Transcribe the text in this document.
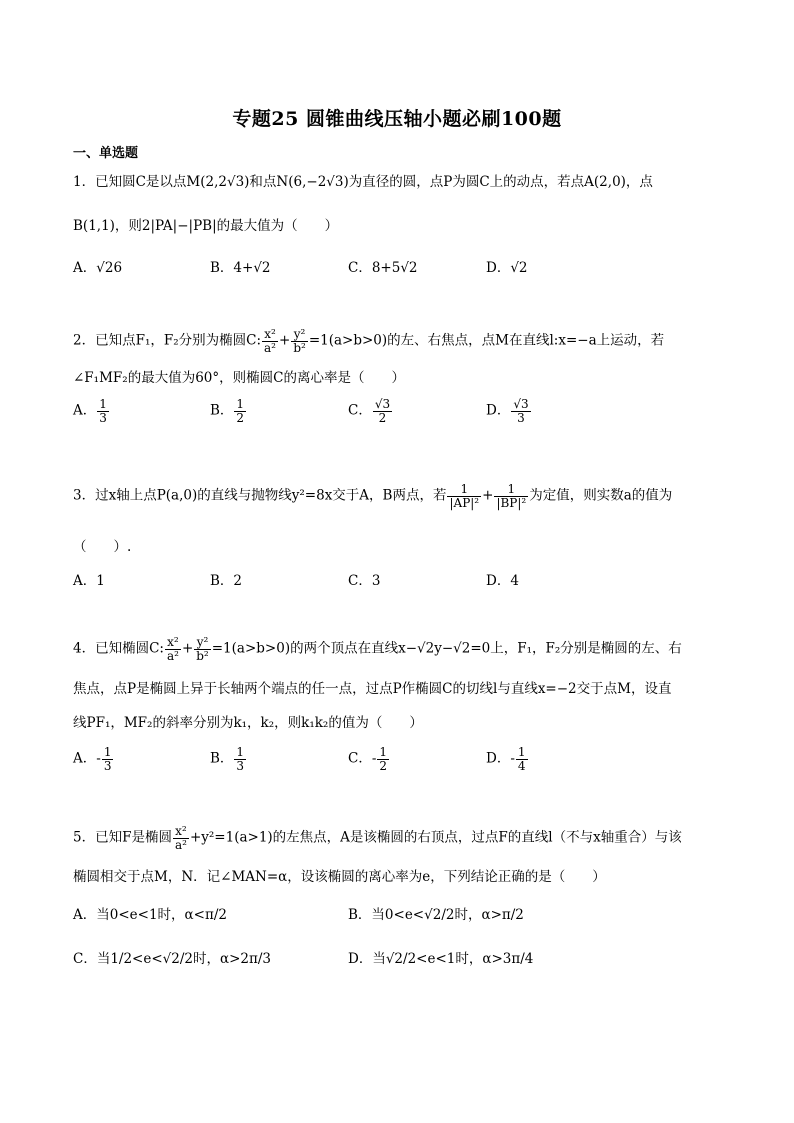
专题25 圆锥曲线压轴小题必刷100题
一、单选题
1．已知圆C是以点M(2,2√3)和点N(6,−2√3)为直径的圆，点P为圆C上的动点，若点A(2,0)，点
B(1,1)，则2|PA|−|PB|的最大值为（　　）
A．√26	B．4+√2	C．8+5√2	D．√2
2．已知点F₁，F₂分别为椭圆C: $\frac{\text{x²}}{\text{a²}} + \frac{\text{y²}}{\text{b²}} =1(a>b>0)$的左、右焦点，点M在直线l:x=−a上运动，若
∠F₁MF₂的最大值为60°，则椭圆C的离心率是（　　）
A． $\frac{1}{3}$	B． $\frac{1}{2}$	C． $\frac{√3}{2}$	D． $\frac{√3}{3}$
3．过x轴上点P(a,0)的直线与抛物线y²=8x交于A，B两点，若 $\frac{1}{\text{|AP|²}} + \frac{1}{\text{|BP|²}}$ 为定值，则实数a的值为
（　　）.
A．1	B．2	C．3	D．4
4．已知椭圆C: $\frac{\text{x²}}{\text{a²}} + \frac{\text{y²}}{\text{b²}} =1(a>b>0)$的两个顶点在直线x−√2y−√2=0上，F₁，F₂分别是椭圆的左、右
焦点，点P是椭圆上异于长轴两个端点的任一点，过点P作椭圆C的切线l与直线x=−2交于点M，设直
线PF₁，MF₂的斜率分别为k₁，k₂，则k₁k₂的值为（　　）
A．- $\frac{1}{3}$	B． $\frac{1}{3}$	C．- $\frac{1}{2}$	D．- $\frac{1}{4}$
5．已知F是椭圆 $\frac{\text{x²}}{\text{a²}} +y^2=1(a>1)$的左焦点，A是该椭圆的右顶点，过点F的直线l（不与x轴重合）与该
椭圆相交于点M，N．记∠MAN=α，设该椭圆的离心率为e，下列结论正确的是（　　）
A．当0<e<1时，α<π/2	B．当0<e<√2/2时，α>π/2
C．当1/2<e<√2/2时，α>2π/3	D．当√2/2<e<1时，α>3π/4
